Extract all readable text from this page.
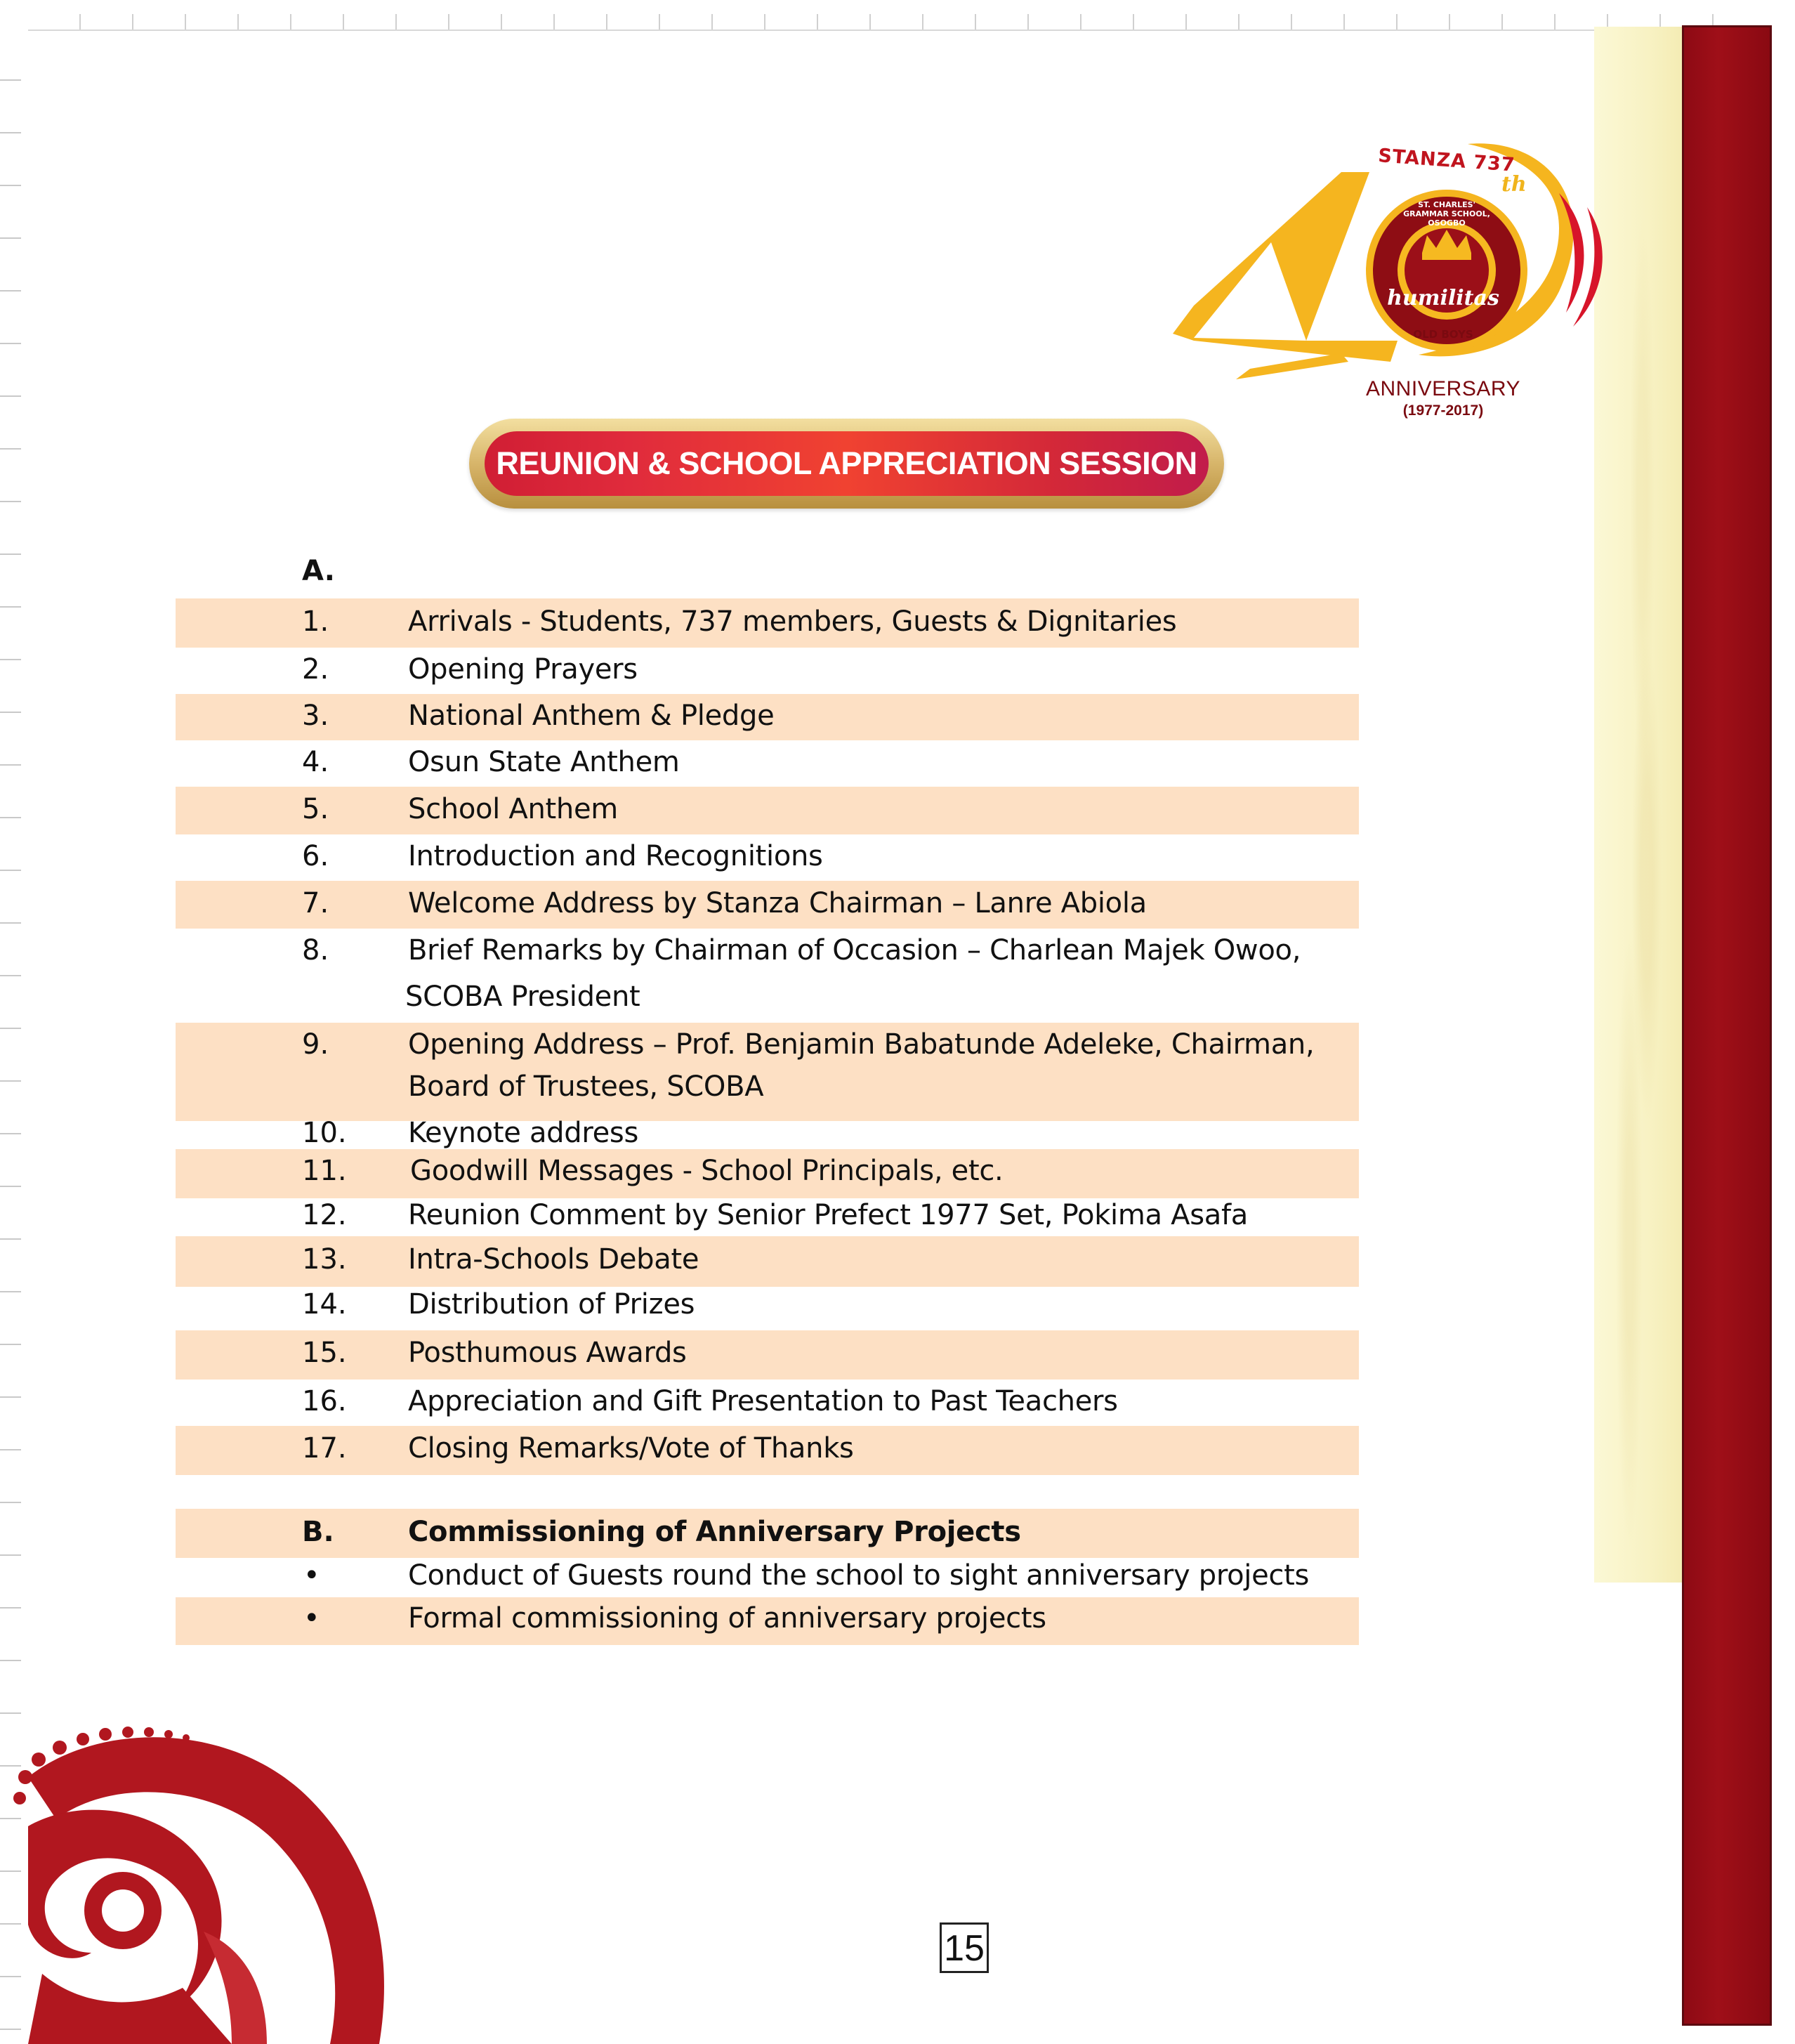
STANZA 737
th
ST. CHARLES' GRAMMAR SCHOOL, OSOGBO
humilitas
OLD BOYS
ANNIVERSARY
(1977-2017)
REUNION & SCHOOL APPRECIATION SESSION
A.
1.	Arrivals - Students, 737 members, Guests & Dignitaries
2.	Opening Prayers
3.	National Anthem & Pledge
4.	Osun State Anthem
5.	School Anthem
6.	Introduction and Recognitions
7.	Welcome Address by Stanza Chairman – Lanre Abiola
8.	Brief Remarks by Chairman of Occasion – Charlean Majek Owoo,
SCOBA President
9.	Opening Address – Prof. Benjamin Babatunde Adeleke, Chairman,
Board of Trustees, SCOBA
10. Keynote address
11. Goodwill Messages - School Principals, etc.
12. Reunion Comment by Senior Prefect 1977 Set, Pokima Asafa
13. Intra-Schools Debate
14. Distribution of Prizes
15. Posthumous Awards
16. Appreciation and Gift Presentation to Past Teachers
17. Closing Remarks/Vote of Thanks
B.	Commissioning of Anniversary Projects
•	Conduct of Guests round the school to sight anniversary projects
•	Formal commissioning of anniversary projects
15
